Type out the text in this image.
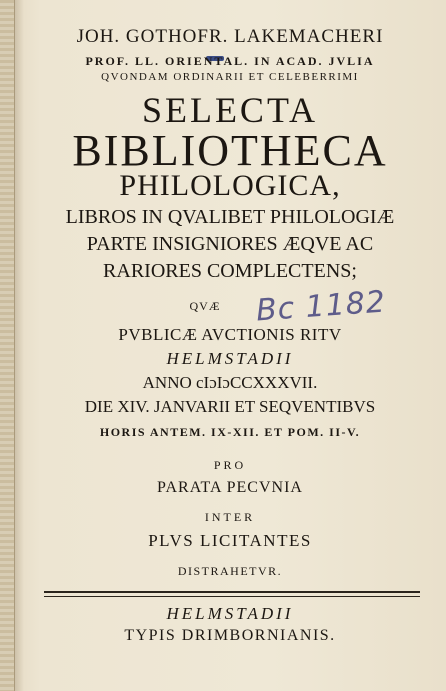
JOH. GOTHOFR. LAKEMACHERI
PROF. LL. ORIENTAL. IN ACAD. JVLIA
QVONDAM ORDINARII ET CELEBERRIMI
SELECTA
BIBLIOTHECA
PHILOLOGICA,
LIBROS IN QVALIBET PHILOLOGIÆ
PARTE INSIGNIORES ÆQVE AC
RARIORES COMPLECTENS;
QVÆ	Bc 1182
PVBLICÆ AVCTIONIS RITV
HELMSTADII
ANNO cIɔIɔCCXXXVII.
DIE XIV. JANVARII ET SEQVENTIBVS
HORIS ANTEM. IX-XII. ET POM. II-V.
PRO
PARATA PECVNIA
INTER
PLVS LICITANTES
DISTRAHETVR.
HELMSTADII
TYPIS DRIMBORNIANIS.
